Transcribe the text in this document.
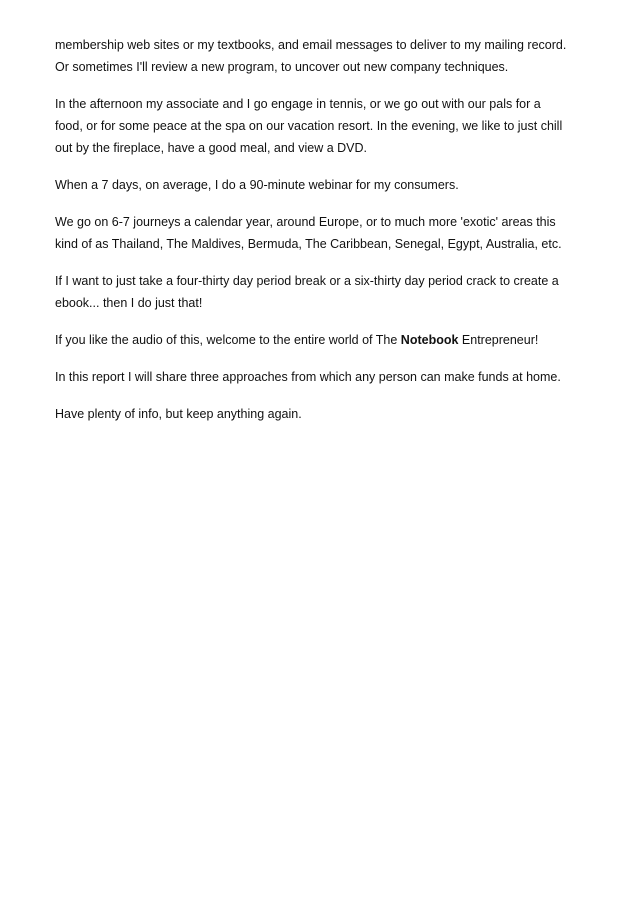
membership web sites or my textbooks, and email messages to deliver to my mailing record.
Or sometimes I'll review a new program, to uncover out new company techniques.

In the afternoon my associate and I go engage in tennis, or we go out with our pals for a
food, or for some peace at the spa on our vacation resort. In the evening, we like to just chill
out by the fireplace, have a good meal, and view a DVD.

When a 7 days, on average, I do a 90-minute webinar for my consumers.

We go on 6-7 journeys a calendar year, around Europe, or to much more 'exotic' areas this
kind of as Thailand, The Maldives, Bermuda, The Caribbean, Senegal, Egypt, Australia, etc.

If I want to just take a four-thirty day period break or a six-thirty day period crack to create a
ebook... then I do just that!

If you like the audio of this, welcome to the entire world of The Notebook Entrepreneur!

In this report I will share three approaches from which any person can make funds at home.

Have plenty of info, but keep anything again.
